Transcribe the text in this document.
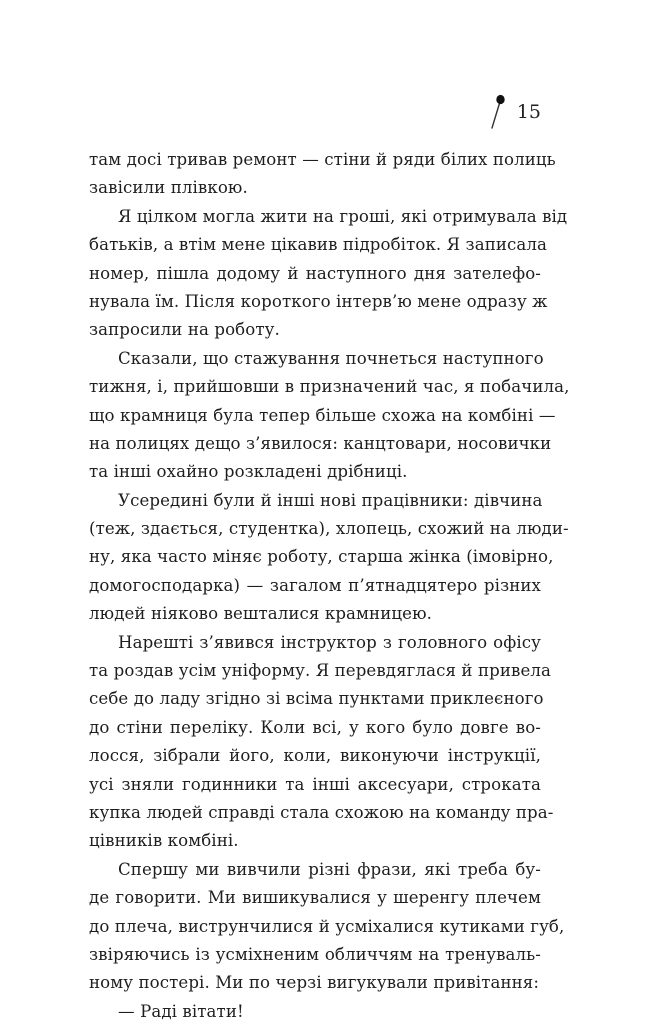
15
там досі тривав ремонт — стіни й ряди білих полиць
завісили плівкою.
Я цілком могла жити на гроші, які отримувала від
батьків, а втім мене цікавив підробіток. Я записала
номер, пішла додому й наступного дня зателефо-
нувала їм. Після короткого інтерв’ю мене одразу ж
запросили на роботу.
Сказали, що стажування почнеться наступного
тижня, і, прийшовши в призначений час, я побачила,
що крамниця була тепер більше схожа на комбіні —
на полицях дещо з’явилося: канцтовари, носовички
та інші охайно розкладені дрібниці.
Усередині були й інші нові працівники: дівчина
(теж, здається, студентка), хлопець, схожий на люди-
ну, яка часто міняє роботу, старша жінка (імовірно,
домогосподарка) — загалом п’ятнадцятеро різних
людей ніяково вешталися крамницею.
Нарешті з’явився інструктор з головного офісу
та роздав усім уніформу. Я перевдяглася й привела
себе до ладу згідно зі всіма пунктами приклеєного
до стіни переліку. Коли всі, у кого було довге во-
лосся, зібрали його, коли, виконуючи інструкції,
усі зняли годинники та інші аксесуари, строката
купка людей справді стала схожою на команду пра-
цівників комбіні.
Спершу ми вивчили різні фрази, які треба бу-
де говорити. Ми вишикувалися у шеренгу плечем
до плеча, виструнчилися й усміхалися кутиками губ,
звіряючись із усміхненим обличчям на тренуваль-
ному постері. Ми по черзі вигукували привітання:
— Раді вітати!
